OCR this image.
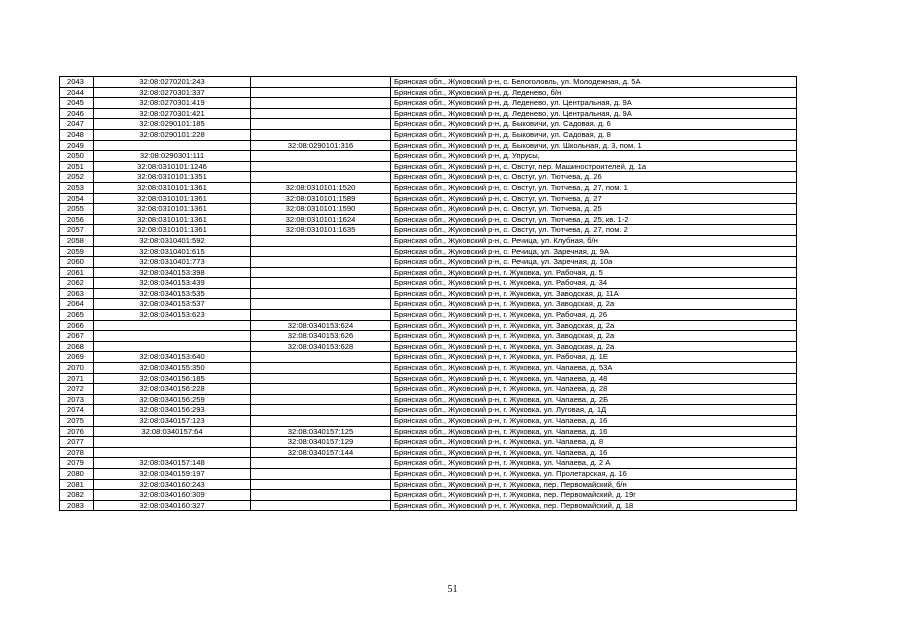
2043	32:08:0270201:243		Брянская обл., Жуковский р-н, с. Белоголовль, ул. Молодежная, д. 5А
2044	32:08:0270301:337		Брянская обл., Жуковский р-н, д. Леденево, б/н
2045	32:08:0270301:419		Брянская обл., Жуковский р-н, д. Леденево, ул. Центральная, д. 9А
2046	32:08:0270301:421		Брянская обл., Жуковский р-н, д. Леденево, ул. Центральная, д. 9А
2047	32:08:0290101:185		Брянская обл., Жуковский р-н, д. Быковичи, ул. Садовая, д. 6
2048	32:08:0290101:228		Брянская обл., Жуковский р-н, д. Быковичи, ул. Садовая, д. 8
2049		32:08:0290101:316	Брянская обл., Жуковский р-н, д. Быковичи, ул. Школьная, д. 3, пом. 1
2050	32:08:0290301:111		Брянская обл., Жуковский р-н, д. Упрусы,
2051	32:08:0310101:1246		Брянская обл., Жуковский р-н, с. Овстуг, пер. Машиностроителей, д. 1а
2052	32:08:0310101:1351		Брянская обл., Жуковский р-н, с. Овстуг, ул. Тютчева, д. 26
2053	32:08:0310101:1361	32:08:0310101:1520	Брянская обл., Жуковский р-н, с. Овстуг, ул. Тютчева, д. 27, пом. 1
2054	32:08:0310101:1361	32:08:0310101:1589	Брянская обл., Жуковский р-н, с. Овстуг, ул. Тютчева, д. 27
2055	32:08:0310101:1361	32:08:0310101:1590	Брянская обл., Жуковский р-н, с. Овстуг, ул. Тютчева, д. 25
2056	32:08:0310101:1361	32:08:0310101:1624	Брянская обл., Жуковский р-н, с. Овстуг, ул. Тютчева, д. 25, кв. 1-2
2057	32:08:0310101:1361	32:08:0310101:1635	Брянская обл., Жуковский р-н, с. Овстуг, ул. Тютчева, д. 27, пом. 2
2058	32:08:0310401:592		Брянская обл., Жуковский р-н, с. Речица, ул. Клубная, б/н
2059	32:08:0310401:615		Брянская обл., Жуковский р-н, с. Речица, ул. Заречная, д. 9А
2060	32:08:0310401:773		Брянская обл., Жуковский р-н, с. Речица, ул. Заречная, д. 10а
2061	32:08:0340153:398		Брянская обл., Жуковский р-н, г. Жуковка, ул. Рабочая, д. 5
2062	32:08:0340153:439		Брянская обл., Жуковский р-н, г. Жуковка, ул. Рабочая, д. 34
2063	32:08:0340153:535		Брянская обл., Жуковский р-н, г. Жуковка, ул. Заводская, д. 11А
2064	32:08:0340153:537		Брянская обл., Жуковский р-н, г. Жуковка, ул. Заводская, д. 2а
2065	32:08:0340153:623		Брянская обл., Жуковский р-н, г. Жуковка, ул. Рабочая, д. 26
2066		32:08:0340153:624	Брянская обл., Жуковский р-н, г. Жуковка, ул. Заводская, д. 2а
2067		32:08:0340153:626	Брянская обл., Жуковский р-н, г. Жуковка, ул. Заводская, д. 2а
2068		32:08:0340153:628	Брянская обл., Жуковский р-н, г. Жуковка, ул. Заводская, д. 2а
2069	32:08:0340153:640		Брянская обл., Жуковский р-н, г. Жуковка, ул. Рабочая, д. 1Е
2070	32:08:0340155:350		Брянская обл., Жуковский р-н, г. Жуковка, ул. Чапаева, д. 53А
2071	32:08:0340156:185		Брянская обл., Жуковский р-н, г. Жуковка, ул. Чапаева, д. 48
2072	32:08:0340156:228		Брянская обл., Жуковский р-н, г. Жуковка, ул. Чапаева, д. 28
2073	32:08:0340156:259		Брянская обл., Жуковский р-н, г. Жуковка, ул. Чапаева, д. 2Б
2074	32:08:0340156:293		Брянская обл., Жуковский р-н, г. Жуковка, ул. Луговая, д. 1Д
2075	32:08:0340157:123		Брянская обл., Жуковский р-н, г. Жуковка, ул. Чапаева, д. 16
2076	32:08:0340157:64	32:08:0340157:125	Брянская обл., Жуковский р-н, г. Жуковка, ул. Чапаева, д. 16
2077		32:08:0340157:129	Брянская обл., Жуковский р-н, г. Жуковка, ул. Чапаева, д. 8
2078		32:08:0340157:144	Брянская обл., Жуковский р-н, г. Жуковка, ул. Чапаева, д. 16
2079	32:08:0340157:148		Брянская обл., Жуковский р-н, г. Жуковка, ул. Чапаева, д. 2 А
2080	32:08:0340159:197		Брянская обл., Жуковский р-н, г. Жуковка, ул. Пролетарская, д. 16
2081	32:08:0340160:243		Брянская обл., Жуковский р-н, г. Жуковка, пер. Первомайский, б/н
2082	32:08:0340160:309		Брянская обл., Жуковский р-н, г. Жуковка, пер. Первомайский, д. 19г
2083	32:08:0340160:327		Брянская обл., Жуковский р-н, г. Жуковка, пер. Первомайский, д. 18
51
